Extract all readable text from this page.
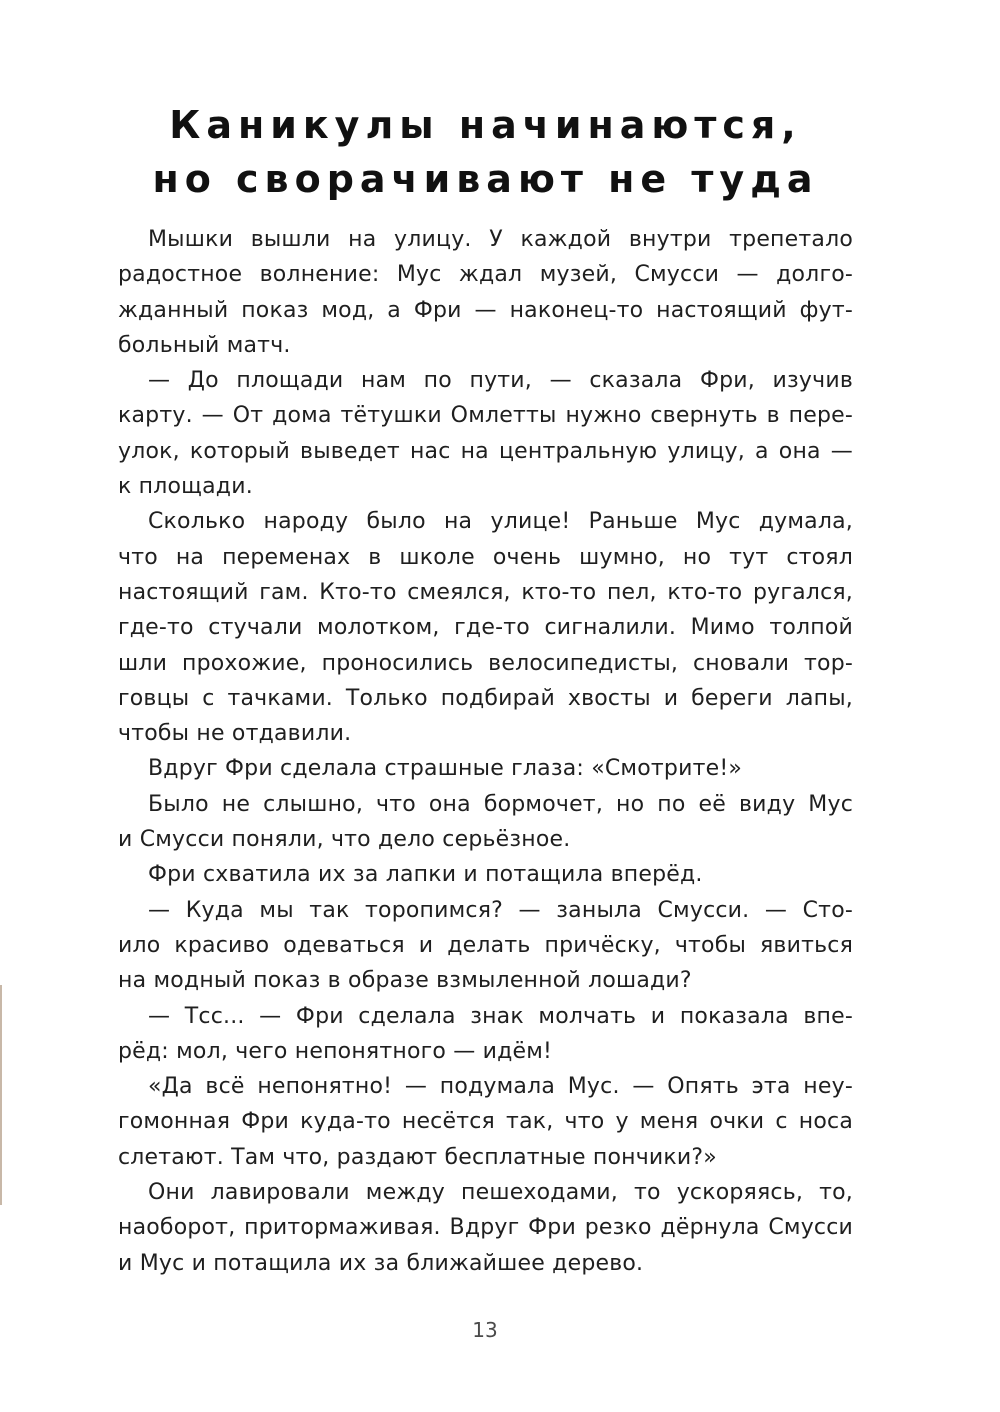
Каникулы начинаются,
но сворачивают не туда
Мышки вышли на улицу. У каждой внутри трепетало
радостное волнение: Мус ждал музей, Смусси — долго-
жданный показ мод, а Фри — наконец-то настоящий фут-
больный матч.
— До площади нам по пути, — сказала Фри, изучив
карту. — От дома тётушки Омлетты нужно свернуть в пере-
улок, который выведет нас на центральную улицу, а она —
к площади.
Сколько народу было на улице! Раньше Мус думала,
что на переменах в школе очень шумно, но тут стоял
настоящий гам. Кто-то смеялся, кто-то пел, кто-то ругался,
где-то стучали молотком, где-то сигналили. Мимо толпой
шли прохожие, проносились велосипедисты, сновали тор-
говцы с тачками. Только подбирай хвосты и береги лапы,
чтобы не отдавили.
Вдруг Фри сделала страшные глаза: «Смотрите!»
Было не слышно, что она бормочет, но по её виду Мус
и Смусси поняли, что дело серьёзное.
Фри схватила их за лапки и потащила вперёд.
— Куда мы так торопимся? — заныла Смусси. — Сто-
ило красиво одеваться и делать причёску, чтобы явиться
на модный показ в образе взмыленной лошади?
— Тсс... — Фри сделала знак молчать и показала впе-
рёд: мол, чего непонятного — идём!
«Да всё непонятно! — подумала Мус. — Опять эта неу-
гомонная Фри куда-то несётся так, что у меня очки с носа
слетают. Там что, раздают бесплатные пончики?»
Они лавировали между пешеходами, то ускоряясь, то,
наоборот, притормаживая. Вдруг Фри резко дёрнула Смусси
и Мус и потащила их за ближайшее дерево.
13
